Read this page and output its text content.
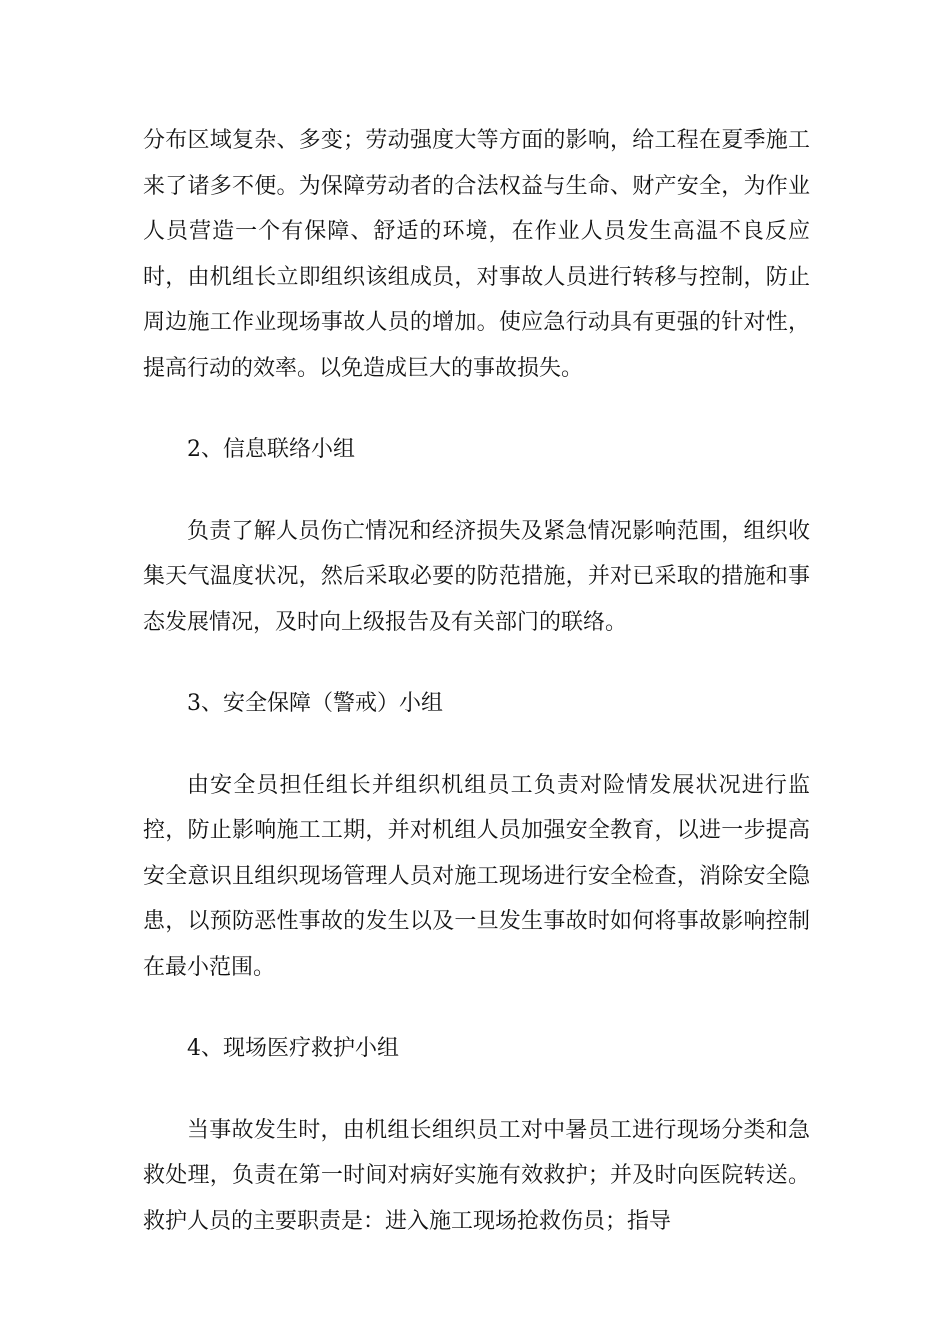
分布区域复杂、多变；劳动强度大等方面的影响，给工程在夏季施工来了诸多不便。为保障劳动者的合法权益与生命、财产安全，为作业人员营造一个有保障、舒适的环境，在作业人员发生高温不良反应时，由机组长立即组织该组成员，对事故人员进行转移与控制，防止周边施工作业现场事故人员的增加。使应急行动具有更强的针对性，提高行动的效率。以免造成巨大的事故损失。

2、信息联络小组

负责了解人员伤亡情况和经济损失及紧急情况影响范围，组织收集天气温度状况，然后采取必要的防范措施，并对已采取的措施和事态发展情况，及时向上级报告及有关部门的联络。

3、安全保障（警戒）小组

由安全员担任组长并组织机组员工负责对险情发展状况进行监控，防止影响施工工期，并对机组人员加强安全教育，以进一步提高安全意识且组织现场管理人员对施工现场进行安全检查，消除安全隐患，以预防恶性事故的发生以及一旦发生事故时如何将事故影响控制在最小范围。

4、现场医疗救护小组

当事故发生时，由机组长组织员工对中暑员工进行现场分类和急救处理，负责在第一时间对病好实施有效救护；并及时向医院转送。救护人员的主要职责是：进入施工现场抢救伤员；指导
